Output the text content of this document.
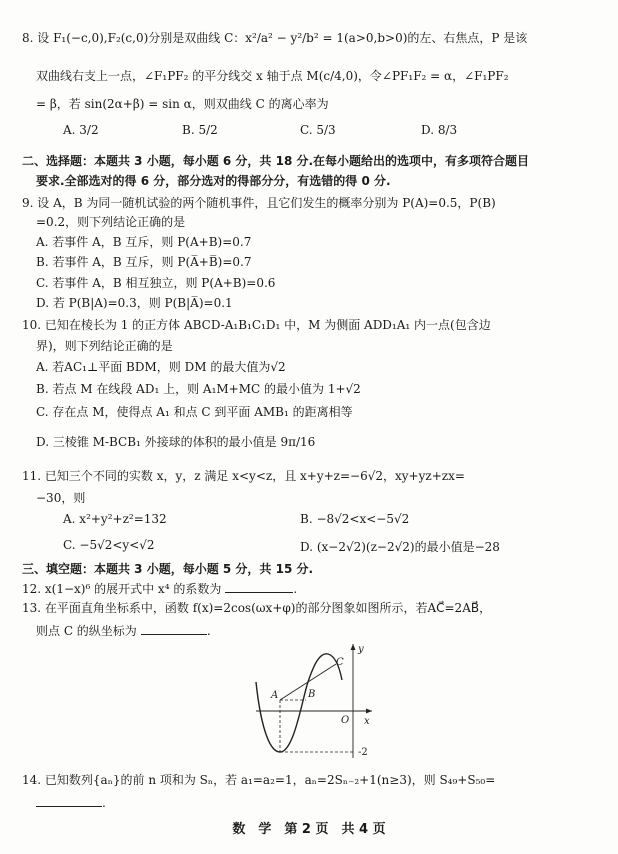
8. 设 F₁(−c,0),F₂(c,0)分别是双曲线 C：x²/a² − y²/b² = 1(a>0,b>0)的左、右焦点，P 是该
双曲线右支上一点，∠F₁PF₂ 的平分线交 x 轴于点 M(c/4,0)，令∠PF₁F₂ = α，∠F₁PF₂
= β，若 sin(2α+β) = sin α，则双曲线 C 的离心率为
A. 3/2	B. 5/2	C. 5/3	D. 8/3
二、选择题：本题共 3 小题，每小题 6 分，共 18 分.在每小题给出的选项中，有多项符合题目
要求.全部选对的得 6 分，部分选对的得部分分，有选错的得 0 分.
9. 设 A，B 为同一随机试验的两个随机事件，且它们发生的概率分别为 P(A)=0.5，P(B)
=0.2，则下列结论正确的是
A. 若事件 A，B 互斥，则 P(A+B)=0.7
B. 若事件 A，B 互斥，则 P(A̅+B̅)=0.7
C. 若事件 A，B 相互独立，则 P(A+B)=0.6
D. 若 P(B|A)=0.3，则 P(B|A̅)=0.1
10. 已知在棱长为 1 的正方体 ABCD-A₁B₁C₁D₁ 中，M 为侧面 ADD₁A₁ 内一点(包含边
界)，则下列结论正确的是
A. 若AC₁⊥平面 BDM，则 DM 的最大值为√2
B. 若点 M 在线段 AD₁ 上，则 A₁M+MC 的最小值为 1+√2
C. 存在点 M，使得点 A₁ 和点 C 到平面 AMB₁ 的距离相等
D. 三棱锥 M-BCB₁ 外接球的体积的最小值是 9π/16
11. 已知三个不同的实数 x，y，z 满足 x<y<z，且 x+y+z=−6√2，xy+yz+zx=
−30，则
A. x²+y²+z²=132	B. −8√2<x<−5√2
C. −5√2<y<√2	D. (x−2√2)(z−2√2)的最小值是−28
三、填空题：本题共 3 小题，每小题 5 分，共 15 分.
12. x(1−x)⁶ 的展开式中 x⁴ 的系数为	.
13. 在平面直角坐标系中，函数 f(x)=2cos(ωx+φ)的部分图象如图所示，若AC⃗=2AB⃗，
则点 C 的纵坐标为	.
y
x
O
A	B
C
-2
14. 已知数列{aₙ}的前 n 项和为 Sₙ，若 a₁=a₂=1，aₙ=2Sₙ₋₂+1(n≥3)，则 S₄₉+S₅₀=
.
数　学　第 2 页　共 4 页
